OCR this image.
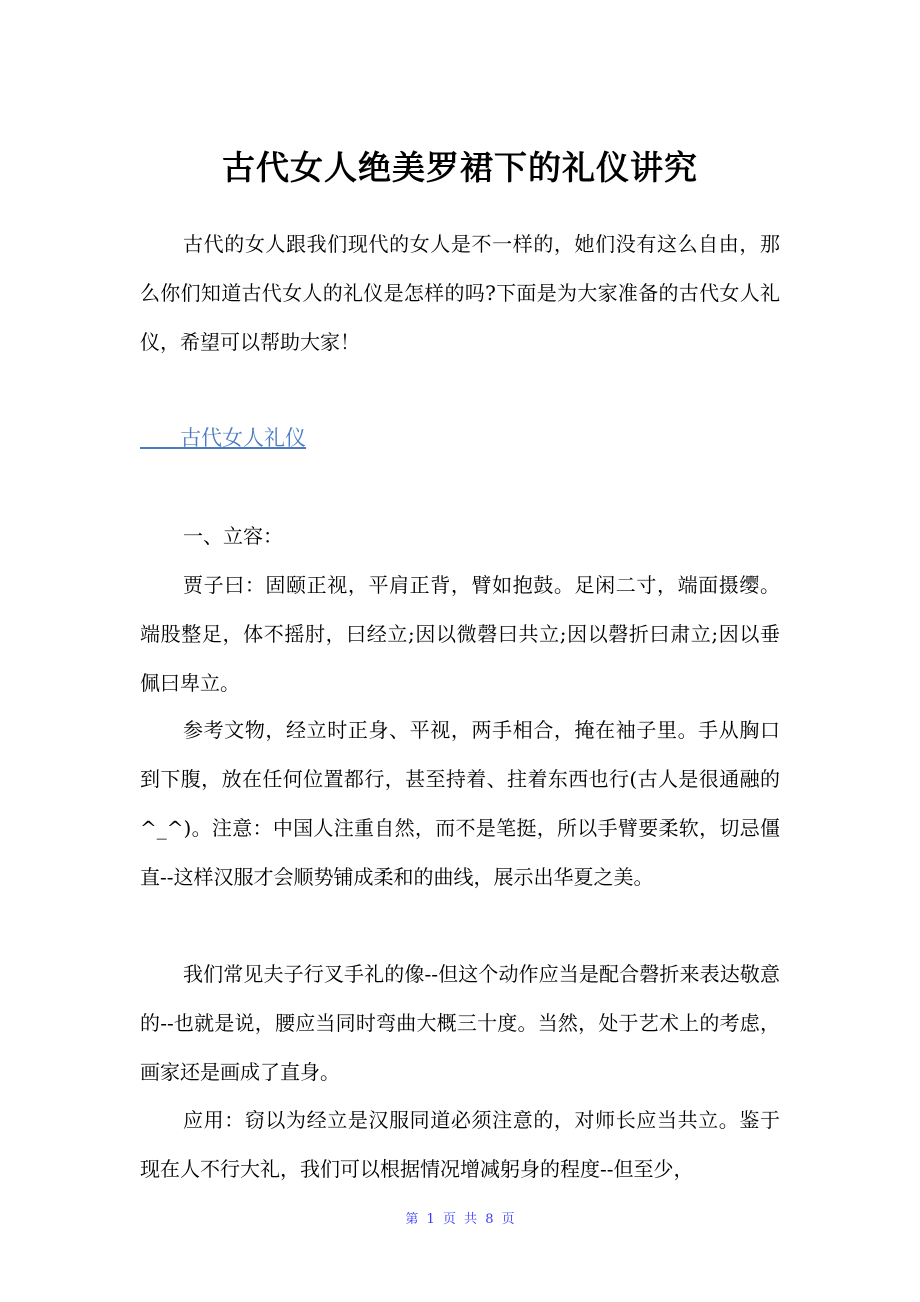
古代女人绝美罗裙下的礼仪讲究
古代的女人跟我们现代的女人是不一样的，她们没有这么自由，那么你们知道古代女人的礼仪是怎样的吗?下面是为大家准备的古代女人礼仪，希望可以帮助大家！
古代女人礼仪
一、立容：
贾子曰：固颐正视，平肩正背，臂如抱鼓。足闲二寸，端面摄缨。端股整足，体不摇肘，曰经立;因以微磬曰共立;因以磬折曰肃立;因以垂佩曰卑立。
参考文物，经立时正身、平视，两手相合，掩在袖子里。手从胸口到下腹，放在任何位置都行，甚至持着、拄着东西也行(古人是很通融的^_^)。注意：中国人注重自然，而不是笔挺，所以手臂要柔软，切忌僵直--这样汉服才会顺势铺成柔和的曲线，展示出华夏之美。
我们常见夫子行叉手礼的像--但这个动作应当是配合磬折来表达敬意的--也就是说，腰应当同时弯曲大概三十度。当然，处于艺术上的考虑，画家还是画成了直身。
应用：窃以为经立是汉服同道必须注意的，对师长应当共立。鉴于现在人不行大礼，我们可以根据情况增减躬身的程度--但至少，
第 1 页 共 8 页
